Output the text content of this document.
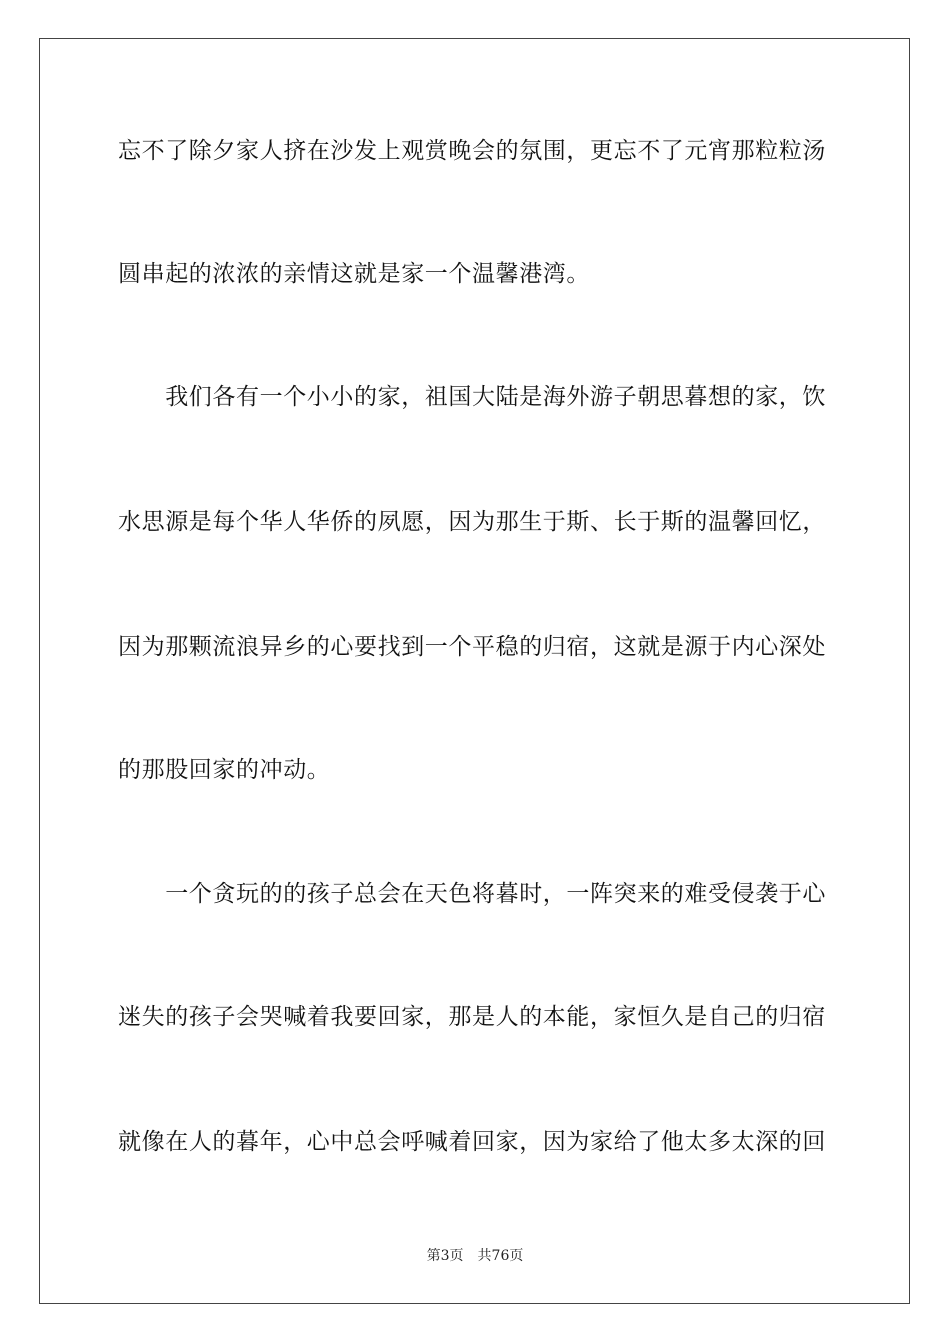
忘不了除夕家人挤在沙发上观赏晚会的氛围，更忘不了元宵那粒粒汤
圆串起的浓浓的亲情这就是家一个温馨港湾。
　　我们各有一个小小的家，祖国大陆是海外游子朝思暮想的家，饮
水思源是每个华人华侨的夙愿，因为那生于斯、长于斯的温馨回忆，
因为那颗流浪异乡的心要找到一个平稳的归宿，这就是源于内心深处
的那股回家的冲动。
　　一个贪玩的的孩子总会在天色将暮时，一阵突来的难受侵袭于心
迷失的孩子会哭喊着我要回家，那是人的本能，家恒久是自己的归宿
就像在人的暮年，心中总会呼喊着回家，因为家给了他太多太深的回
第3页 共76页
